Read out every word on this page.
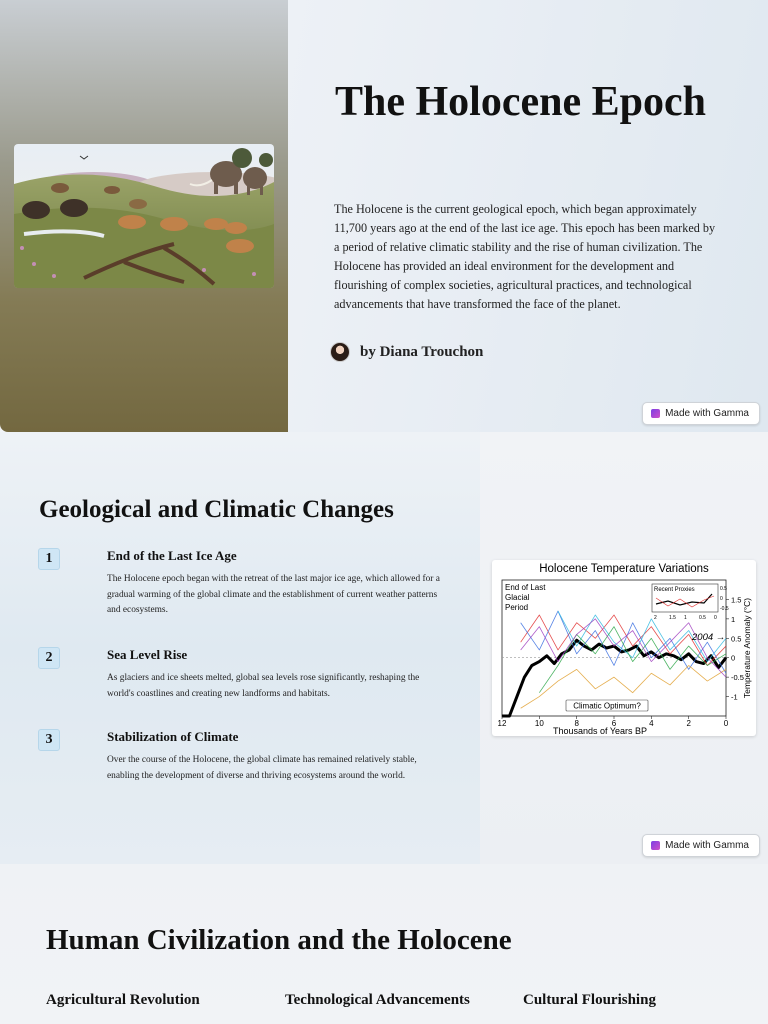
The Holocene Epoch

The Holocene is the current geological epoch, which began approximately 11,700 years ago at the end of the last ice age. This epoch has been marked by a period of relative climatic stability and the rise of human civilization. The Holocene has provided an ideal environment for the development and flourishing of complex societies, agricultural practices, and technological advancements that have transformed the face of the planet.

by Diana Trouchon
Made with Gamma
Geological and Climatic Changes
1	End of the Last Ice Age
The Holocene epoch began with the retreat of the last major ice age, which allowed for a gradual warming of the global climate and the establishment of current weather patterns and ecosystems.
2	Sea Level Rise
As glaciers and ice sheets melted, global sea levels rose significantly, reshaping the world's coastlines and creating new landforms and habitats.
3	Stabilization of Climate
Over the course of the Holocene, the global climate has remained relatively stable, enabling the development of diverse and thriving ecosystems around the world.
Holocene Temperature Variations
12	10	8	6	4	2	0
Thousands of Years BP
1.5
1
0.5
0
-0.5
-1 Temperature Anomaly (°C)
End of Last
Glacial
Period
2004 →
Climatic Optimum?
Recent Proxies
2 1.5 1 0.5 0
0.5
0
-0.5
Made with Gamma
Human Civilization and the Holocene
Agricultural Revolution	Technological Advancements	Cultural Flourishing
